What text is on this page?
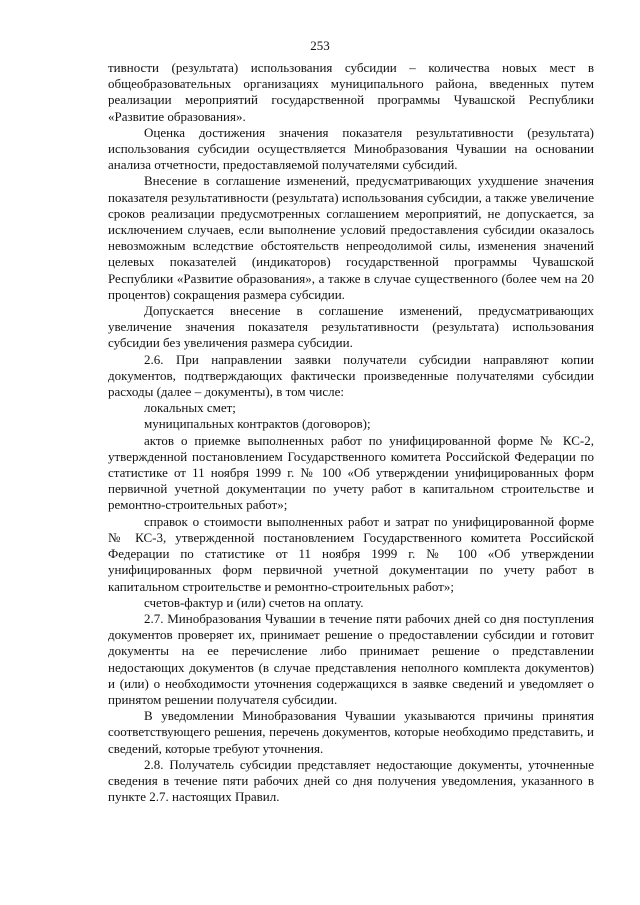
253

тивности (результата) использования субсидии – количества новых мест в общеобразовательных организациях муниципального района, введенных путем реализации мероприятий государственной программы Чувашской Республики «Развитие образования».

Оценка достижения значения показателя результативности (результата) использования субсидии осуществляется Минобразования Чувашии на основании анализа отчетности, предоставляемой получателями субсидий.

Внесение в соглашение изменений, предусматривающих ухудшение значения показателя результативности (результата) использования субсидии, а также увеличение сроков реализации предусмотренных соглашением мероприятий, не допускается, за исключением случаев, если выполнение условий предоставления субсидии оказалось невозможным вследствие обстоятельств непреодолимой силы, изменения значений целевых показателей (индикаторов) государственной программы Чувашской Республики «Развитие образования», а также в случае существенного (более чем на 20 процентов) сокращения размера субсидии.

Допускается внесение в соглашение изменений, предусматривающих увеличение значения показателя результативности (результата) использования субсидии без увеличения размера субсидии.

2.6. При направлении заявки получатели субсидии направляют копии документов, подтверждающих фактически произведенные получателями субсидии расходы (далее – документы), в том числе:

локальных смет;

муниципальных контрактов (договоров);

актов о приемке выполненных работ по унифицированной форме № КС-2, утвержденной постановлением Государственного комитета Российской Федерации по статистике от 11 ноября 1999 г. № 100 «Об утверждении унифицированных форм первичной учетной документации по учету работ в капитальном строительстве и ремонтно-строительных работ»;

справок о стоимости выполненных работ и затрат по унифицированной форме № КС-3, утвержденной постановлением Государственного комитета Российской Федерации по статистике от 11 ноября 1999 г. № 100 «Об утверждении унифицированных форм первичной учетной документации по учету работ в капитальном строительстве и ремонтно-строительных работ»;

счетов-фактур и (или) счетов на оплату.

2.7. Минобразования Чувашии в течение пяти рабочих дней со дня поступления документов проверяет их, принимает решение о предоставлении субсидии и готовит документы на ее перечисление либо принимает решение о представлении недостающих документов (в случае представления неполного комплекта документов) и (или) о необходимости уточнения содержащихся в заявке сведений и уведомляет о принятом решении получателя субсидии.

В уведомлении Минобразования Чувашии указываются причины принятия соответствующего решения, перечень документов, которые необходимо представить, и сведений, которые требуют уточнения.

2.8. Получатель субсидии представляет недостающие документы, уточненные сведения в течение пяти рабочих дней со дня получения уведомления, указанного в пункте 2.7. настоящих Правил.
